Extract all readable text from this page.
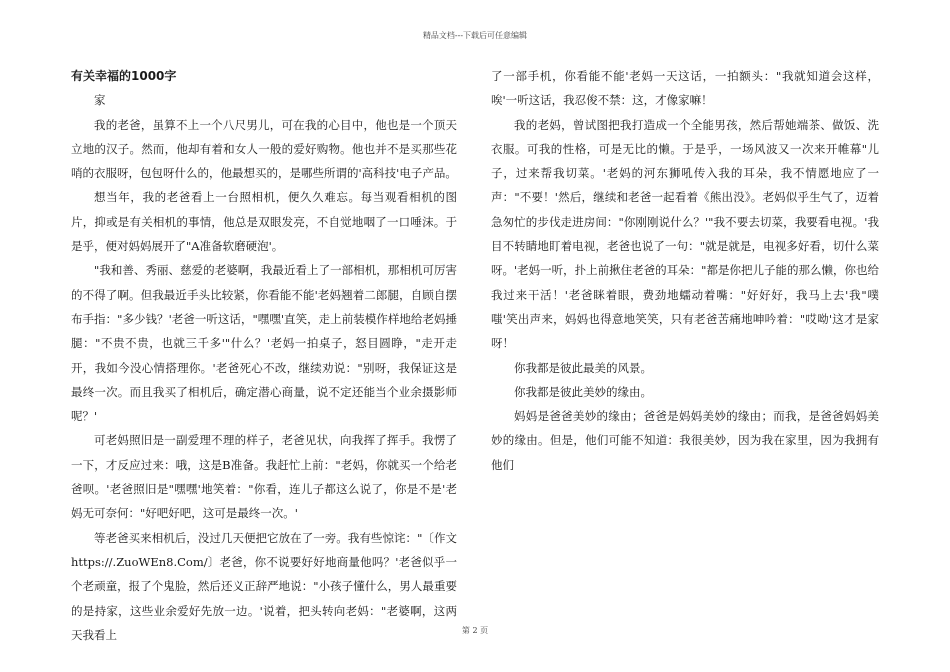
精品文档---下载后可任意编辑

有关幸福的1000字

家

我的老爸，虽算不上一个八尺男儿，可在我的心目中，他也是一个顶天立地的汉子。然而，他却有着和女人一般的爱好购物。他也并不是买那些花哨的衣服呀，包包呀什么的，他最想买的，是哪些所谓的'高科技'电子产品。

想当年，我的老爸看上一台照相机，便久久难忘。每当观看相机的图片，抑或是有关相机的事情，他总是双眼发亮，不自觉地咽了一口唾沫。于是乎，便对妈妈展开了"A准备软磨硬泡'。

"我和善、秀丽、慈爱的老婆啊，我最近看上了一部相机，那相机可厉害的不得了啊。但我最近手头比较紧，你看能不能'老妈翘着二郎腿，自顾自摆布手指："多少钱？'老爸一听这话，"嘿嘿'直笑，走上前装模作样地给老妈捶腿："不贵不贵，也就三千多'"什么？'老妈一拍桌子，怒目圆睁，"走开走开，我如今没心情搭理你。'老爸死心不改，继续劝说："别呀，我保证这是最终一次。而且我买了相机后，确定潜心商量，说不定还能当个业余摄影师呢？'

可老妈照旧是一副爱理不理的样子，老爸见状，向我挥了挥手。我愣了一下，才反应过来：哦，这是B准备。我赶忙上前："老妈，你就买一个给老爸呗。'老爸照旧是"嘿嘿'地笑着："你看，连儿子都这么说了，你是不是'老妈无可奈何："好吧好吧，这可是最终一次。'

等老爸买来相机后，没过几天便把它放在了一旁。我有些惊诧："〔作文https://.ZuoWEn8.Com/〕老爸，你不说要好好地商量他吗？'老爸似乎一个老顽童，报了个鬼脸，然后还义正辞严地说："小孩子懂什么，男人最重要的是持家，这些业余爱好先放一边。'说着，把头转向老妈："老婆啊，这两天我看上

了一部手机，你看能不能'老妈一天这话，一拍额头："我就知道会这样，唉'一听这话，我忍俊不禁：这，才像家嘛！

我的老妈，曾试图把我打造成一个全能男孩，然后帮她端茶、做饭、洗衣服。可我的性格，可是无比的懒。于是乎，一场风波又一次来开帷幕"儿子，过来帮我切菜。'老妈的河东狮吼传入我的耳朵，我不情愿地应了一声："不要！'然后，继续和老爸一起看着《熊出没》。老妈似乎生气了，迈着急匆忙的步伐走进房间："你刚刚说什么？'"我不要去切菜，我要看电视。'我目不转睛地盯着电视，老爸也说了一句："就是就是，电视多好看，切什么菜呀。'老妈一听，扑上前揪住老爸的耳朵："都是你把儿子能的那么懒，你也给我过来干活！'老爸眯着眼，费劲地蠕动着嘴："好好好，我马上去'我"噗嗤'笑出声来，妈妈也得意地笑笑，只有老爸苦痛地呻吟着："哎呦'这才是家呀！

你我都是彼此最美的风景。

你我都是彼此美妙的缘由。

妈妈是爸爸美妙的缘由；爸爸是妈妈美妙的缘由；而我，是爸爸妈妈美妙的缘由。但是，他们可能不知道：我很美妙，因为我在家里，因为我拥有他们

第 2 页
